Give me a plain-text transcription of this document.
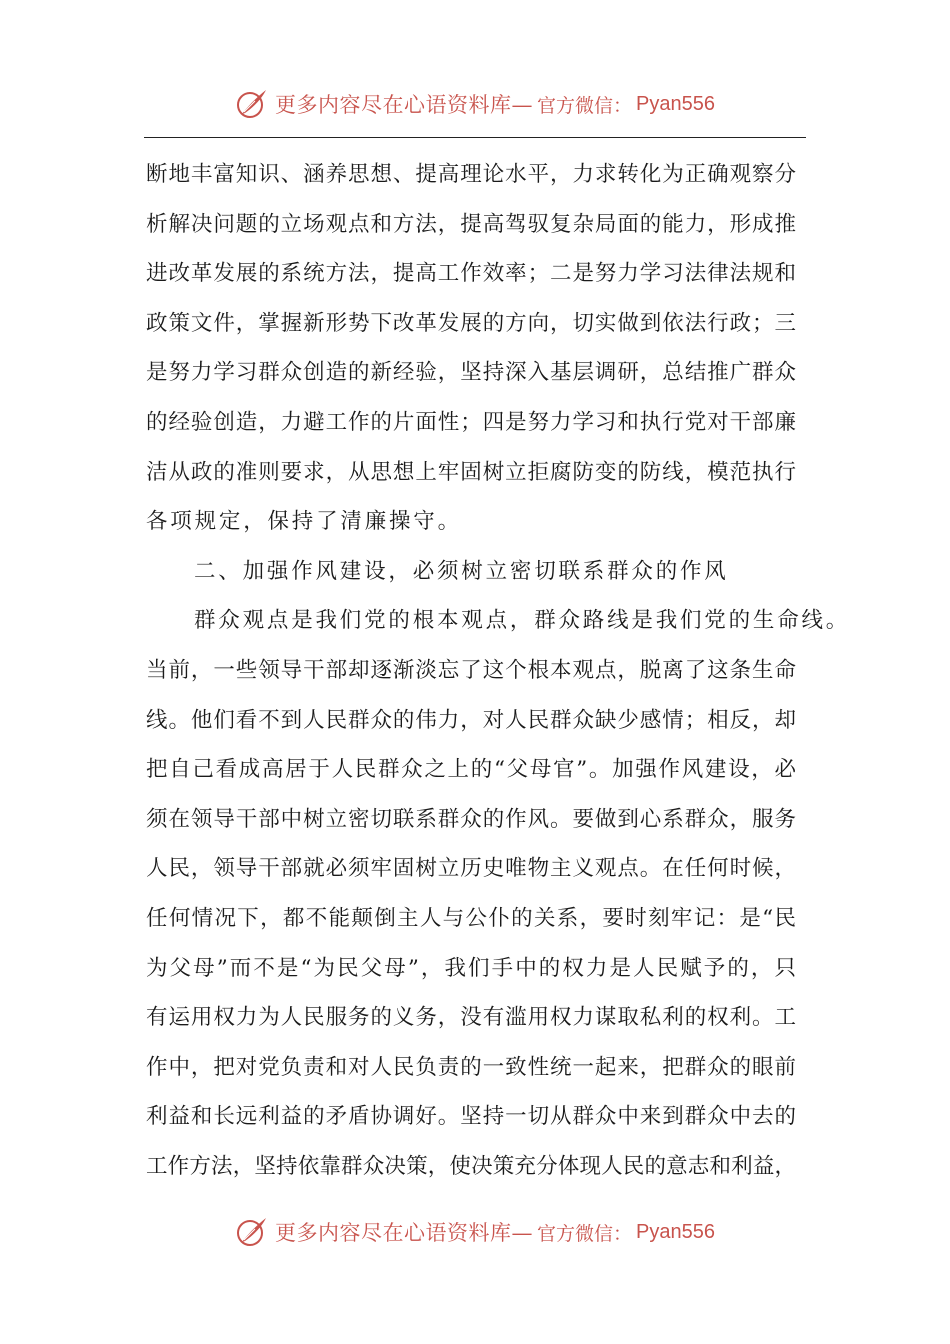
更多内容尽在心语资料库— 官方微信： Pyan556
断地丰富知识、涵养思想、提高理论水平，力求转化为正确观察分
析解决问题的立场观点和方法，提高驾驭复杂局面的能力，形成推
进改革发展的系统方法，提高工作效率；二是努力学习法律法规和
政策文件，掌握新形势下改革发展的方向，切实做到依法行政；三
是努力学习群众创造的新经验，坚持深入基层调研，总结推广群众
的经验创造，力避工作的片面性；四是努力学习和执行党对干部廉
洁从政的准则要求，从思想上牢固树立拒腐防变的防线，模范执行
各项规定，保持了清廉操守。
二、加强作风建设，必须树立密切联系群众的作风
群众观点是我们党的根本观点，群众路线是我们党的生命线。
当前，一些领导干部却逐渐淡忘了这个根本观点，脱离了这条生命
线。他们看不到人民群众的伟力，对人民群众缺少感情；相反，却
把自己看成高居于人民群众之上的“父母官”。加强作风建设，必
须在领导干部中树立密切联系群众的作风。要做到心系群众，服务
人民，领导干部就必须牢固树立历史唯物主义观点。在任何时候，
任何情况下，都不能颠倒主人与公仆的关系，要时刻牢记：是“民
为父母”而不是“为民父母”，我们手中的权力是人民赋予的，只
有运用权力为人民服务的义务，没有滥用权力谋取私利的权利。工
作中，把对党负责和对人民负责的一致性统一起来，把群众的眼前
利益和长远利益的矛盾协调好。坚持一切从群众中来到群众中去的
工作方法，坚持依靠群众决策，使决策充分体现人民的意志和利益，
更多内容尽在心语资料库— 官方微信： Pyan556
